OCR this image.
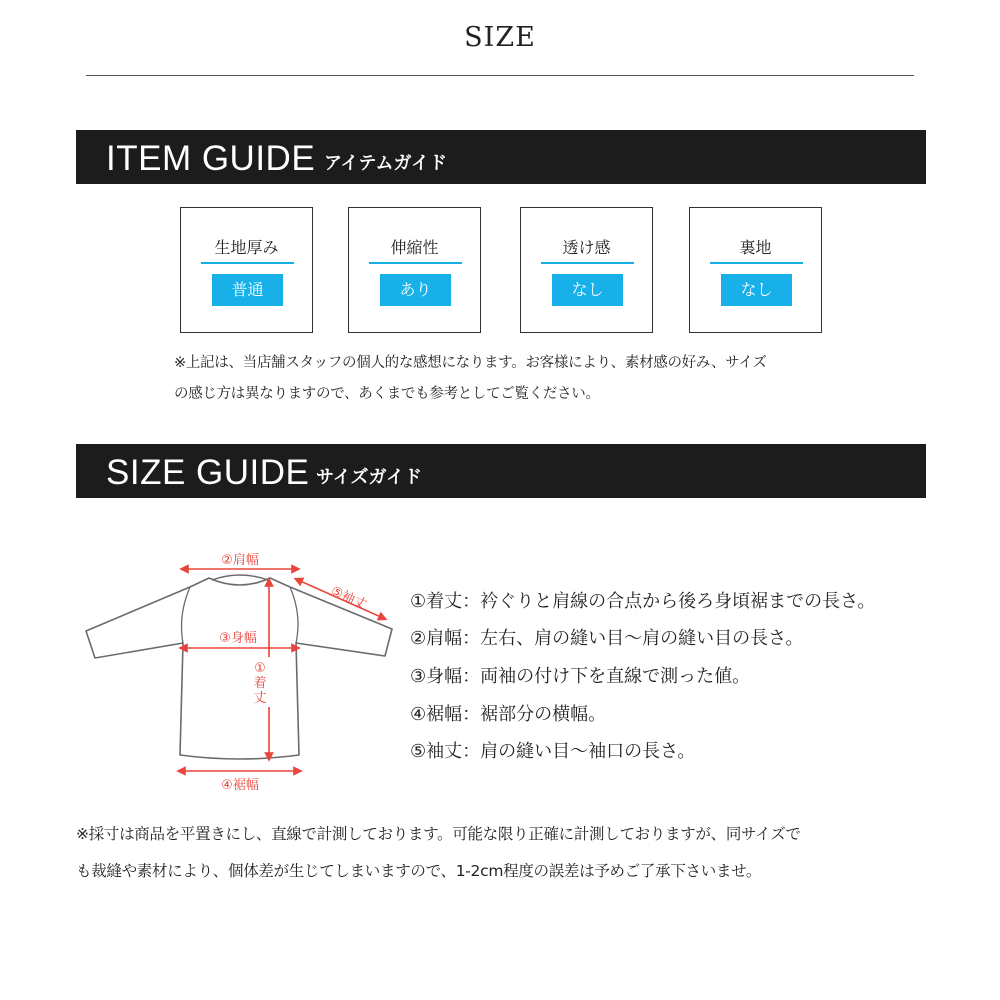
SIZE
ITEM GUIDE アイテムガイド
生地厚み
普通
伸縮性
あり
透け感
なし
裏地
なし
※上記は、当店舗スタッフの個人的な感想になります。お客様により、素材感の好み、サイズ
の感じ方は異なりますので、あくまでも参考としてご覧ください。
SIZE GUIDE サイズガイド
②肩幅
⑤袖丈
③身幅
①
着
丈
④裾幅
①着丈：衿ぐりと肩線の合点から後ろ身頃裾までの長さ。
②肩幅：左右、肩の縫い目～肩の縫い目の長さ。
③身幅：両袖の付け下を直線で測った値。
④裾幅：裾部分の横幅。
⑤袖丈：肩の縫い目～袖口の長さ。
※採寸は商品を平置きにし、直線で計測しております。可能な限り正確に計測しておりますが、同サイズで
も裁縫や素材により、個体差が生じてしまいますので、1-2cm程度の誤差は予めご了承下さいませ。
